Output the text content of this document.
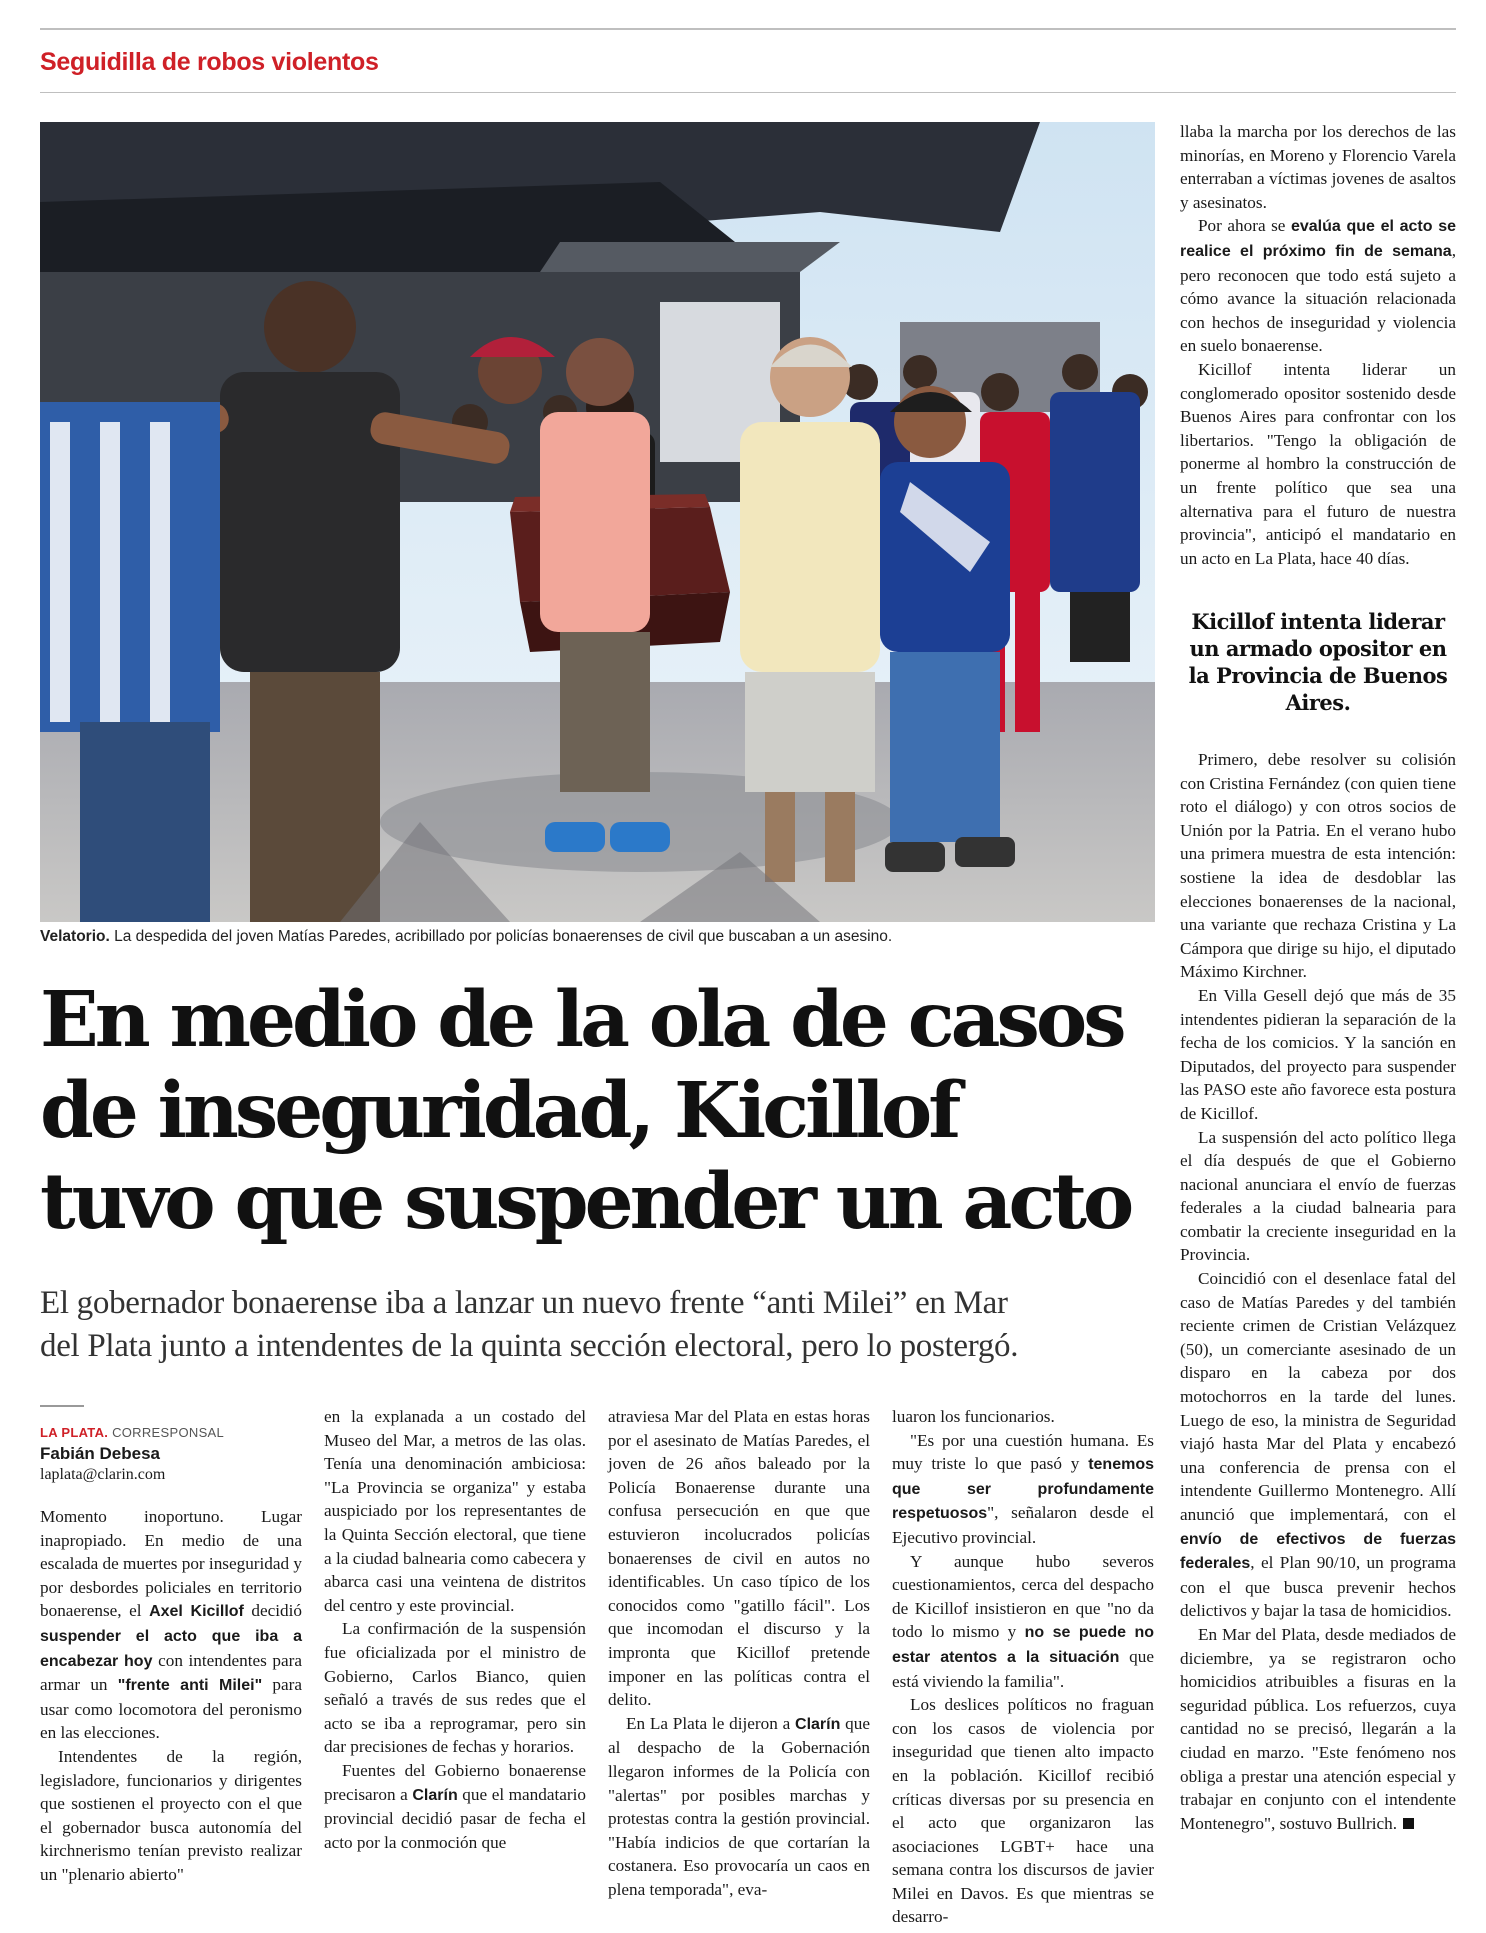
Seguidilla de robos violentos
Velatorio. La despedida del joven Matías Paredes, acribillado por policías bonaerenses de civil que buscaban a un asesino.
En medio de la ola de casos
de inseguridad, Kicillof
tuvo que suspender un acto

El gobernador bonaerense iba a lanzar un nuevo frente “anti Milei” en Mar
del Plata junto a intendentes de la quinta sección electoral, pero lo postergó.

LA PLATA. CORRESPONSAL
Fabián Debesa
laplata@clarin.com

Momento inoportuno. Lugar inapropiado. En medio de una escalada de muertes por inseguridad y por desbordes policiales en territorio bonaerense, el Axel Kicillof decidió suspender el acto que iba a encabezar hoy con intendentes para armar un "frente anti Milei" para usar como locomotora del peronismo en las elecciones.

Intendentes de la región, legisladore, funcionarios y dirigentes que sostienen el proyecto con el que el gobernador busca autonomía del kirchnerismo tenían previsto realizar un "plenario abierto"

en la explanada a un costado del Museo del Mar, a metros de las olas. Tenía una denominación ambiciosa: "La Provincia se organiza" y estaba auspiciado por los representantes de la Quinta Sección electoral, que tiene a la ciudad balnearia como cabecera y abarca casi una veintena de distritos del centro y este provincial.

La confirmación de la suspensión fue oficializada por el ministro de Gobierno, Carlos Bianco, quien señaló a través de sus redes que el acto se iba a reprogramar, pero sin dar precisiones de fechas y horarios.

Fuentes del Gobierno bonaerense precisaron a Clarín que el mandatario provincial decidió pasar de fecha el acto por la conmoción que

atraviesa Mar del Plata en estas horas por el asesinato de Matías Paredes, el joven de 26 años baleado por la Policía Bonaerense durante una confusa persecución en que que estuvieron incolucrados policías bonaerenses de civil en autos no identificables. Un caso típico de los conocidos como "gatillo fácil". Los que incomodan el discurso y la impronta que Kicillof pretende imponer en las políticas contra el delito.

En La Plata le dijeron a Clarín que al despacho de la Gobernación llegaron informes de la Policía con "alertas" por posibles marchas y protestas contra la gestión provincial. "Había indicios de que cortarían la costanera. Eso provocaría un caos en plena temporada", eva-

luaron los funcionarios.

"Es por una cuestión humana. Es muy triste lo que pasó y tenemos que ser profundamente respetuosos", señalaron desde el Ejecutivo provincial.

Y aunque hubo severos cuestionamientos, cerca del despacho de Kicillof insistieron en que "no da todo lo mismo y no se puede no estar atentos a la situación que está viviendo la familia".

Los deslices políticos no fraguan con los casos de violencia por inseguridad que tienen alto impacto en la población. Kicillof recibió críticas diversas por su presencia en el acto que organizaron las asociaciones LGBT+ hace una semana contra los discursos de javier Milei en Davos. Es que mientras se desarro-

llaba la marcha por los derechos de las minorías, en Moreno y Florencio Varela enterraban a víctimas jovenes de asaltos y asesinatos.

Por ahora se evalúa que el acto se realice el próximo fin de semana, pero reconocen que todo está sujeto a cómo avance la situación relacionada con hechos de inseguridad y violencia en suelo bonaerense.

Kicillof intenta liderar un conglomerado opositor sostenido desde Buenos Aires para confrontar con los libertarios. "Tengo la obligación de ponerme al hombro la construcción de un frente político que sea una alternativa para el futuro de nuestra provincia", anticipó el mandatario en un acto en La Plata, hace 40 días.

Kicillof intenta liderar un armado opositor en la Provincia de Buenos Aires.

Primero, debe resolver su colisión con Cristina Fernández (con quien tiene roto el diálogo) y con otros socios de Unión por la Patria. En el verano hubo una primera muestra de esta intención: sostiene la idea de desdoblar las elecciones bonaerenses de la nacional, una variante que rechaza Cristina y La Cámpora que dirige su hijo, el diputado Máximo Kirchner.

En Villa Gesell dejó que más de 35 intendentes pidieran la separación de la fecha de los comicios. Y la sanción en Diputados, del proyecto para suspender las PASO este año favorece esta postura de Kicillof.

La suspensión del acto político llega el día después de que el Gobierno nacional anunciara el envío de fuerzas federales a la ciudad balnearia para combatir la creciente inseguridad en la Provincia.

Coincidió con el desenlace fatal del caso de Matías Paredes y del también reciente crimen de Cristian Velázquez (50), un comerciante asesinado de un disparo en la cabeza por dos motochorros en la tarde del lunes. Luego de eso, la ministra de Seguridad viajó hasta Mar del Plata y encabezó una conferencia de prensa con el intendente Guillermo Montenegro. Allí anunció que implementará, con el envío de efectivos de fuerzas federales, el Plan 90/10, un programa con el que busca prevenir hechos delictivos y bajar la tasa de homicidios.

En Mar del Plata, desde mediados de diciembre, ya se registraron ocho homicidios atribuibles a fisuras en la seguridad pública. Los refuerzos, cuya cantidad no se precisó, llegarán a la ciudad en marzo. "Este fenómeno nos obliga a prestar una atención especial y trabajar en conjunto con el intendente Montenegro", sostuvo Bullrich.
